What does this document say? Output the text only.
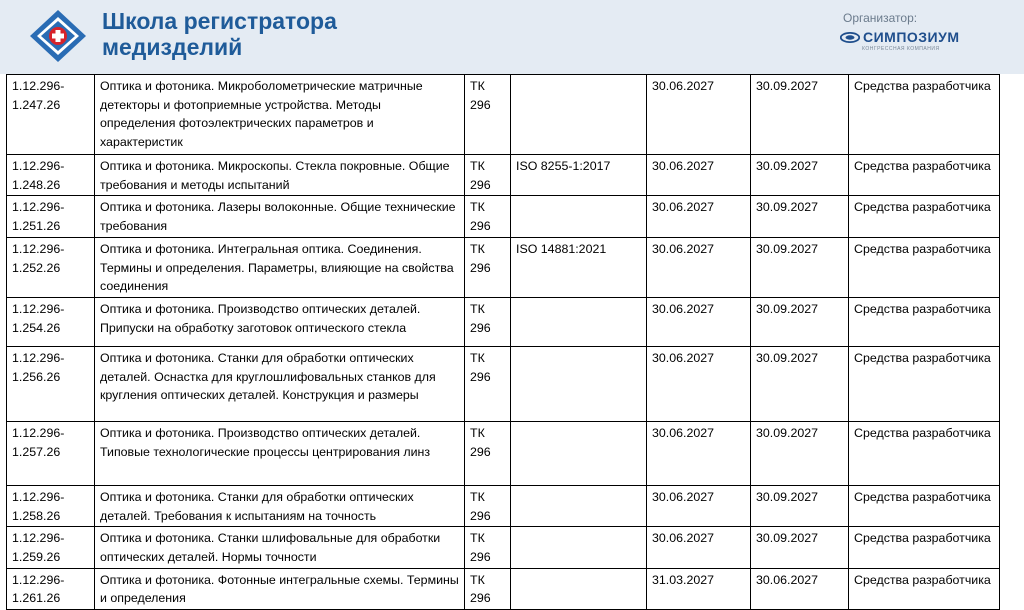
Школа регистратора
медизделий
Организатор:
СИМПОЗИУМ
КОНГРЕССНАЯ КОМПАНИЯ
1.12.296-
1.247.26	Оптика и фотоника. Микроболометрические матричные детекторы и фотоприемные устройства. Методы определения фотоэлектрических параметров и характеристик	ТК
296		30.06.2027	30.09.2027	Средства разработчика
1.12.296-
1.248.26	Оптика и фотоника. Микроскопы. Стекла покровные. Общие требования и методы испытаний	ТК
296	ISO 8255-1:2017	30.06.2027	30.09.2027	Средства разработчика
1.12.296-
1.251.26	Оптика и фотоника. Лазеры волоконные. Общие технические требования	ТК
296		30.06.2027	30.09.2027	Средства разработчика
1.12.296-
1.252.26	Оптика и фотоника. Интегральная оптика. Соединения. Термины и определения. Параметры, влияющие на свойства соединения	ТК
296	ISO 14881:2021	30.06.2027	30.09.2027	Средства разработчика
1.12.296-
1.254.26	Оптика и фотоника. Производство оптических деталей. Припуски на обработку заготовок оптического стекла	ТК
296		30.06.2027	30.09.2027	Средства разработчика
1.12.296-
1.256.26	Оптика и фотоника. Станки для обработки оптических деталей. Оснастка для круглошлифовальных станков для кругления оптических деталей. Конструкция и размеры	ТК
296		30.06.2027	30.09.2027	Средства разработчика
1.12.296-
1.257.26	Оптика и фотоника. Производство оптических деталей. Типовые технологические процессы центрирования линз	ТК
296		30.06.2027	30.09.2027	Средства разработчика
1.12.296-
1.258.26	Оптика и фотоника. Станки для обработки оптических деталей. Требования к испытаниям на точность	ТК
296		30.06.2027	30.09.2027	Средства разработчика
1.12.296-
1.259.26	Оптика и фотоника. Станки шлифовальные для обработки оптических деталей. Нормы точности	ТК
296		30.06.2027	30.09.2027	Средства разработчика
1.12.296-
1.261.26	Оптика и фотоника. Фотонные интегральные схемы. Термины и определения	ТК
296		31.03.2027	30.06.2027	Средства разработчика
